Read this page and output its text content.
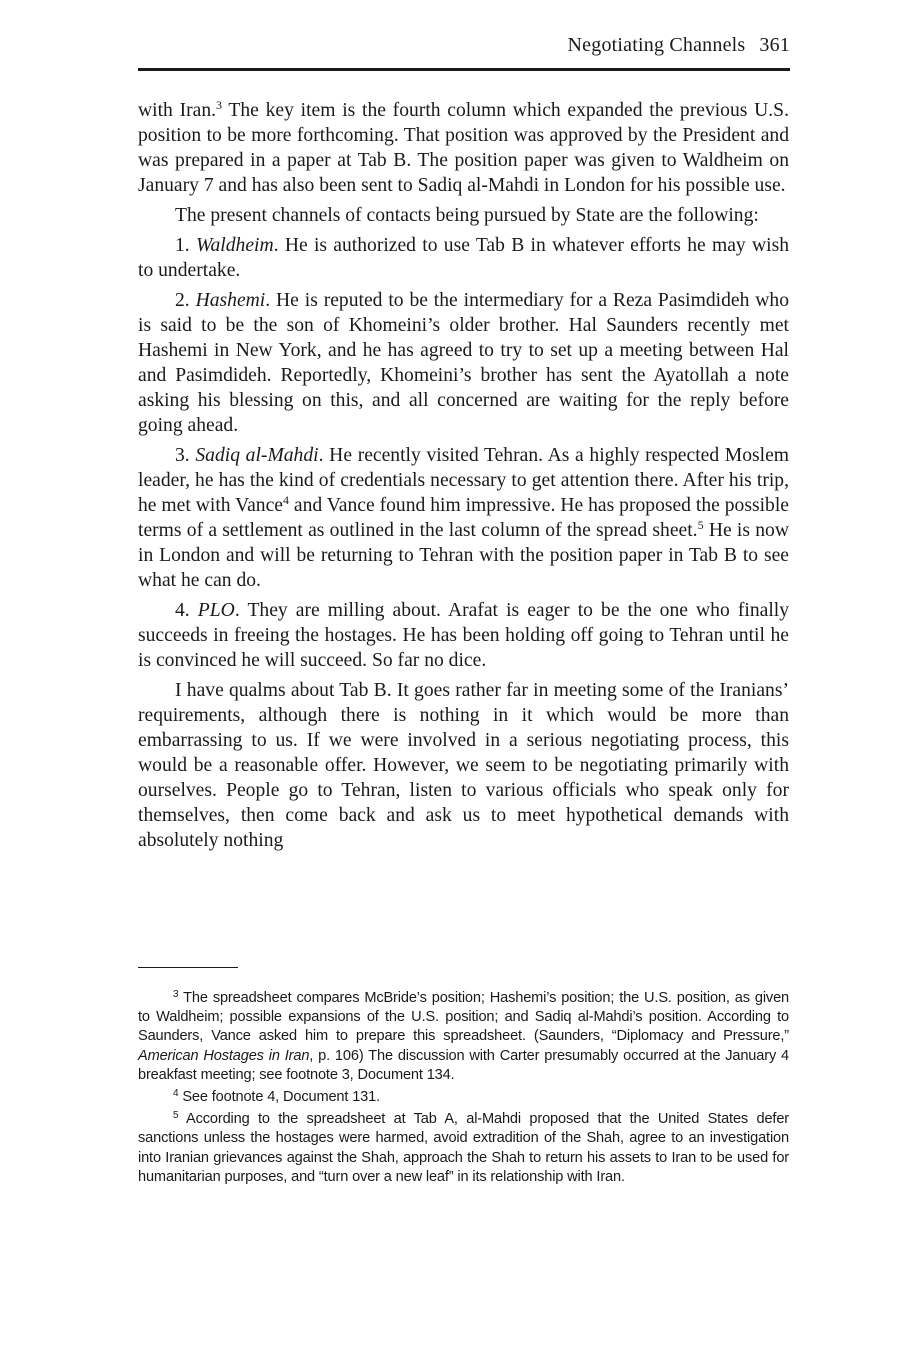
Negotiating Channels 361

with Iran.$^3$ The key item is the fourth column which expanded the previous U.S. position to be more forthcoming. That position was approved by the President and was prepared in a paper at Tab B. The position paper was given to Waldheim on January 7 and has also been sent to Sadiq al-Mahdi in London for his possible use.

The present channels of contacts being pursued by State are the following:

1. Waldheim. He is authorized to use Tab B in whatever efforts he may wish to undertake.

2. Hashemi. He is reputed to be the intermediary for a Reza Pasimdideh who is said to be the son of Khomeini’s older brother. Hal Saunders recently met Hashemi in New York, and he has agreed to try to set up a meeting between Hal and Pasimdideh. Reportedly, Khomeini’s brother has sent the Ayatollah a note asking his blessing on this, and all concerned are waiting for the reply before going ahead.

3. Sadiq al-Mahdi. He recently visited Tehran. As a highly respected Moslem leader, he has the kind of credentials necessary to get attention there. After his trip, he met with Vance$^4$ and Vance found him impressive. He has proposed the possible terms of a settlement as outlined in the last column of the spread sheet.$^5$ He is now in London and will be returning to Tehran with the position paper in Tab B to see what he can do.

4. PLO. They are milling about. Arafat is eager to be the one who finally succeeds in freeing the hostages. He has been holding off going to Tehran until he is convinced he will succeed. So far no dice.

I have qualms about Tab B. It goes rather far in meeting some of the Iranians’ requirements, although there is nothing in it which would be more than embarrassing to us. If we were involved in a serious negotiating process, this would be a reasonable offer. However, we seem to be negotiating primarily with ourselves. People go to Tehran, listen to various officials who speak only for themselves, then come back and ask us to meet hypothetical demands with absolutely nothing

$^3$ The spreadsheet compares McBride’s position; Hashemi’s position; the U.S. position, as given to Waldheim; possible expansions of the U.S. position; and Sadiq al-Mahdi’s position. According to Saunders, Vance asked him to prepare this spreadsheet. (Saunders, “Diplomacy and Pressure,” American Hostages in Iran, p. 106) The discussion with Carter presumably occurred at the January 4 breakfast meeting; see footnote 3, Document 134.

$^4$ See footnote 4, Document 131.

$^5$ According to the spreadsheet at Tab A, al-Mahdi proposed that the United States defer sanctions unless the hostages were harmed, avoid extradition of the Shah, agree to an investigation into Iranian grievances against the Shah, approach the Shah to return his assets to Iran to be used for humanitarian purposes, and “turn over a new leaf” in its relationship with Iran.
